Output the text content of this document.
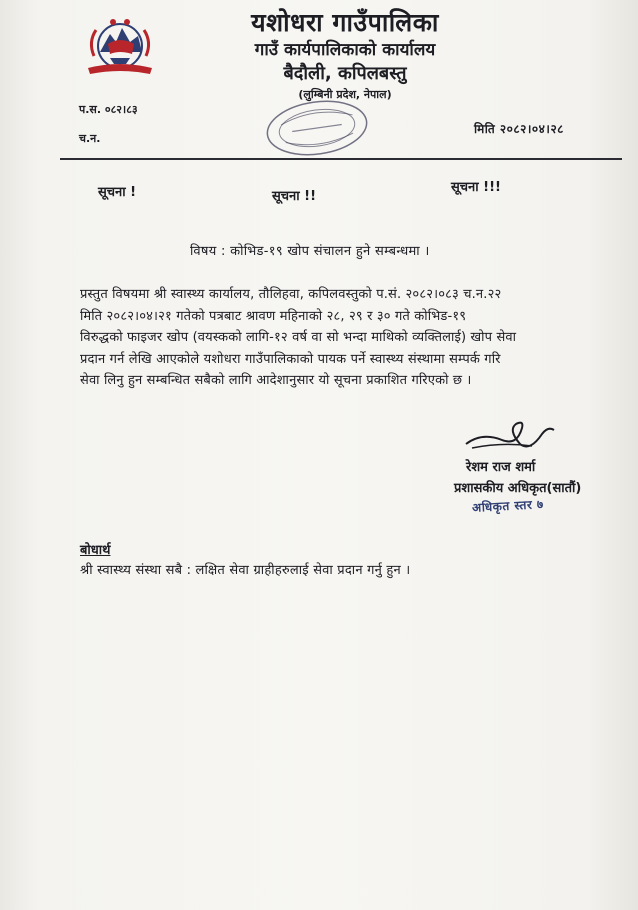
यशोधरा गाउँपालिका
गाउँ कार्यपालिकाको कार्यालय
बैदौली, कपिलबस्तु
(लुम्बिनी प्रदेश, नेपाल)
प.स. ०८२।८३
च.न.
मिति २०८२।०४।२८
सूचना !	सूचना !!
सूचना !!!
विषय : कोभिड-१९ खोप संचालन हुने सम्बन्धमा ।
प्रस्तुत विषयमा श्री स्वास्थ्य कार्यालय, तौलिहवा, कपिलवस्तुको प.सं. २०८२।०८३ च.न.२२
मिति २०८२।०४।२१ गतेको पत्रबाट श्रावण महिनाको २८, २९ र ३० गते कोभिड-१९
विरुद्धको फाइजर खोप (वयस्कको लागि-१२ वर्ष वा सो भन्दा माथिको व्यक्तिलाई) खोप सेवा
प्रदान गर्न लेखि आएकोले यशोधरा गाउँपालिकाको पायक पर्ने स्वास्थ्य संस्थामा सम्पर्क गरि
सेवा लिनु हुन सम्बन्धित सबैको लागि आदेशानुसार यो सूचना प्रकाशित गरिएको छ ।
रेशम राज शर्मा
प्रशासकीय अधिकृत(सातौं)
अधिकृत स्तर ७
बोधार्थ
श्री स्वास्थ्य संस्था सबै : लक्षित सेवा ग्राहीहरुलाई सेवा प्रदान गर्नु हुन ।
